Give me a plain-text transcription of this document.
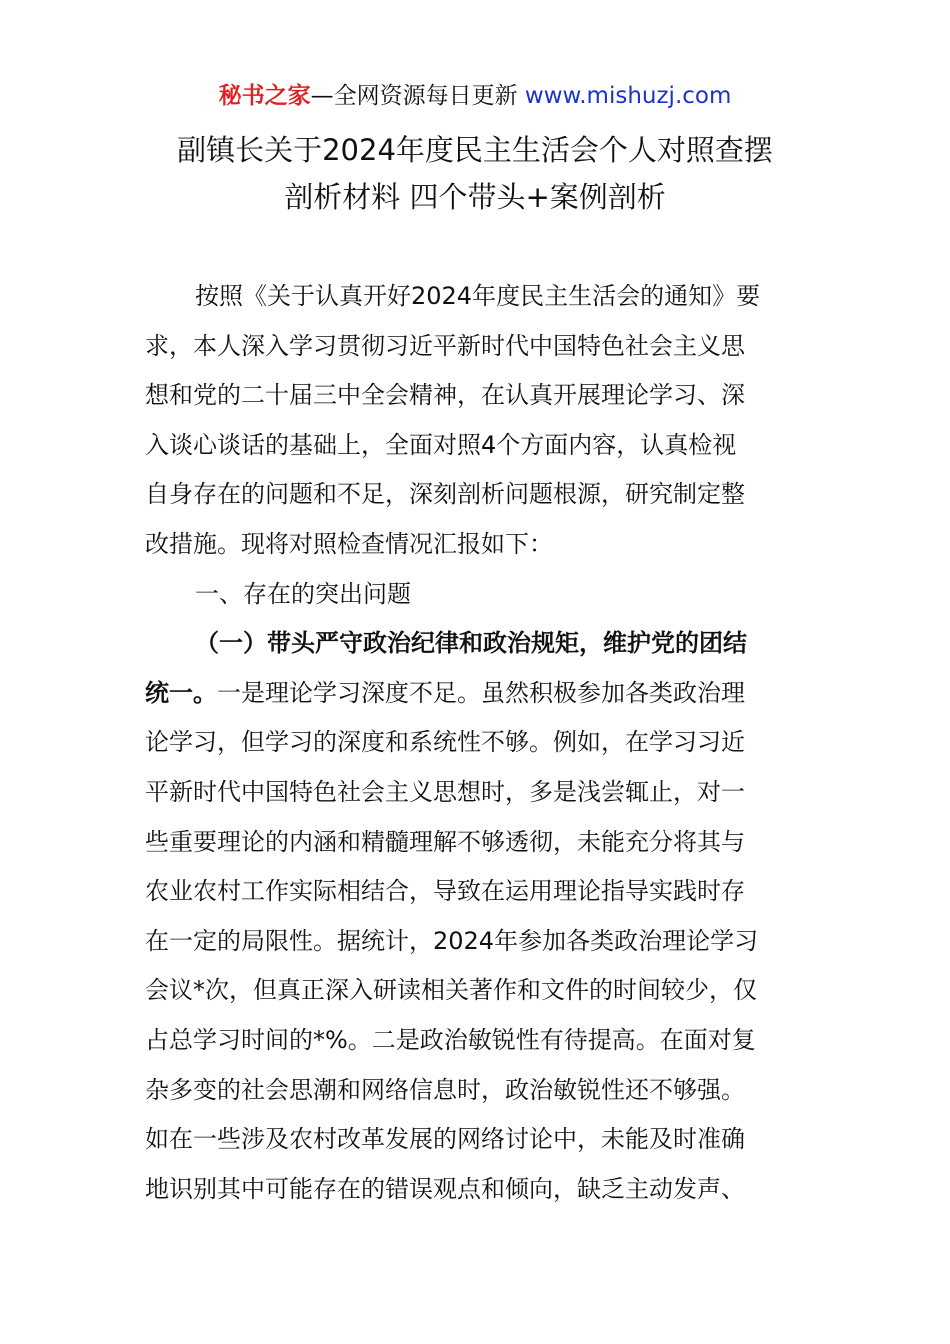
秘书之家—全网资源每日更新 www.mishuzj.com
副镇长关于2024年度民主生活会个人对照查摆
剖析材料 四个带头+案例剖析
按照《关于认真开好2024年度民主生活会的通知》要
求，本人深入学习贯彻习近平新时代中国特色社会主义思
想和党的二十届三中全会精神，在认真开展理论学习、深
入谈心谈话的基础上，全面对照4个方面内容，认真检视
自身存在的问题和不足，深刻剖析问题根源，研究制定整
改措施。现将对照检查情况汇报如下：
一、存在的突出问题
（一）带头严守政治纪律和政治规矩，维护党的团结
统一。一是理论学习深度不足。虽然积极参加各类政治理
论学习，但学习的深度和系统性不够。例如，在学习习近
平新时代中国特色社会主义思想时，多是浅尝辄止，对一
些重要理论的内涵和精髓理解不够透彻，未能充分将其与
农业农村工作实际相结合，导致在运用理论指导实践时存
在一定的局限性。据统计，2024年参加各类政治理论学习
会议*次，但真正深入研读相关著作和文件的时间较少，仅
占总学习时间的*%。二是政治敏锐性有待提高。在面对复
杂多变的社会思潮和网络信息时，政治敏锐性还不够强。
如在一些涉及农村改革发展的网络讨论中，未能及时准确
地识别其中可能存在的错误观点和倾向，缺乏主动发声、
